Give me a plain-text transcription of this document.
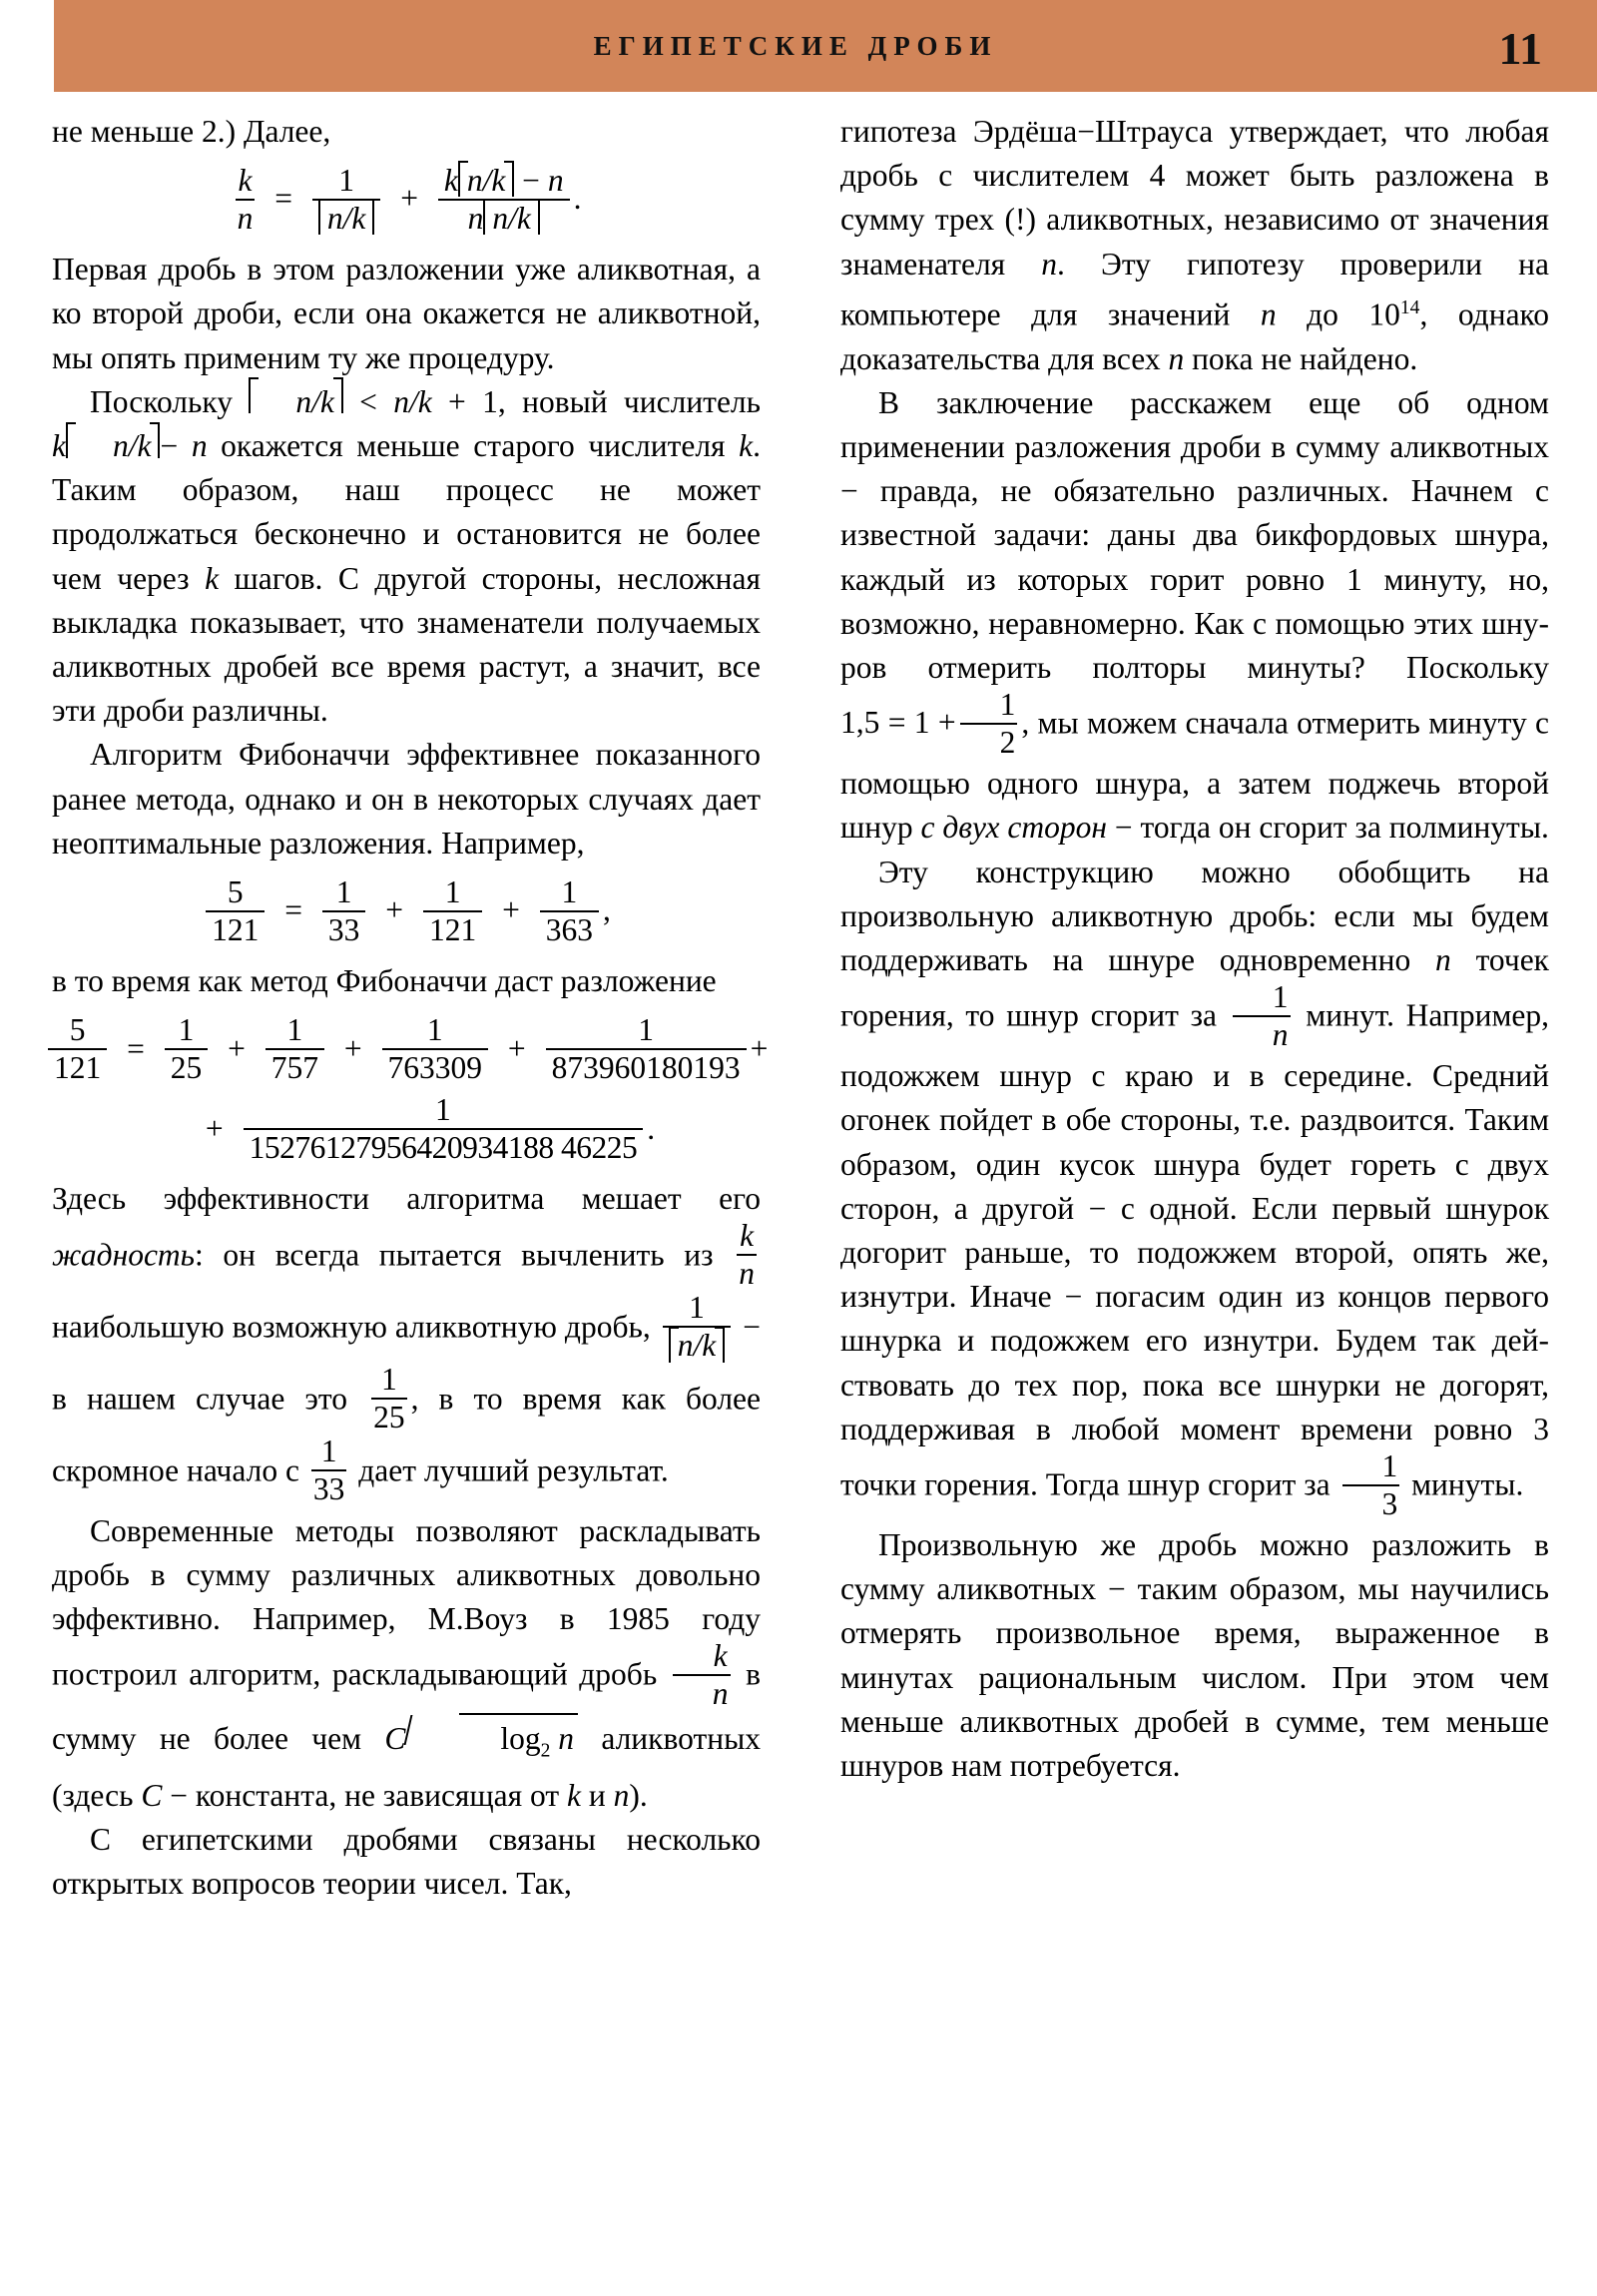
ЕГИПЕТСКИЕ ДРОБИ	11

не меньше 2.) Далее,

$\frac{k}{n} = \frac{1}{n/k} + \frac{\text{k n/k − n}}{\text{n n/k}}$ .

Первая дробь в этом разложении уже аликвотная, а ко второй дроби, если она окажется не аликвотной, мы опять применим ту же процедуру.

Поскольку n/k < n/k + 1, новый числитель k n/k − n окажется меньше старого числителя k. Таким образом, наш процесс не может продолжаться бесконечно и остановится не более чем через k шагов. С другой стороны, несложная выкладка показывает, что знаменатели получаемых аликвотных дробей все время растут, а значит, все эти дроби различны.

Алгоритм Фибоначчи эффективнее показанного ранее метода, однако и он в некоторых случаях дает неоптимальные разложения. Например,

$\frac{5}{121} = \frac{1}{33} + \frac{1}{121} + \frac{1}{363}$ ,

в то время как метод Фибоначчи даст разложение

$\frac{5}{121} = \frac{1}{25} + \frac{1}{757} + \frac{1}{763309} + \frac{1}{873960180193}$ +
+ $\frac{1}{15276127956420934188 46225}$ .

Здесь эффективности алгоритма мешает его жадность: он всегда пытается вычленить из $\frac{k}{n}$
наибольшую возможную аликвотную дробь, $\frac{1}{n/k} - в$ нашем случае это $\frac{1}{25}$ , в то время как более скромное начало с $\frac{1}{33}$ дает лучший результат.

Современные методы позволяют раскладывать дробь в сумму различных аликвотных довольно эффективно. Например, М.Воуз в 1985 году построил алгоритм, раскладывающий дробь $\frac{k}{n}$ в сумму не более чем C	$\log_2 n$ аликвотных (здесь C − константа, не зависящая от k и n).

С египетскими дробями связаны несколько открытых вопросов теории чисел. Так,

гипотеза Эрдёша−Штрауса утверждает, что любая дробь с числителем 4 может быть разложена в сумму трех (!) аликвотных, независимо от значения знаменателя n. Эту гипотезу проверили на компьютере для значений n до $10^{14}$, однако доказательства для всех n пока не найдено.

В заключение расскажем еще об одном применении разложения дроби в сумму аликвотных − правда, не обязательно различных. Начнем с известной задачи: даны два бикфордовых шнура, каждый из которых горит ровно 1 минуту, но, возможно, неравномерно. Как с помощью этих шнуров отмерить полторы минуты? Поскольку $1,5 = 1 + \frac{1}{2}$ , мы можем сначала отмерить минуту с помощью одного шнура, а затем поджечь второй шнур с двух сторон − тогда он сгорит за полминуты.

Эту конструкцию можно обобщить на произвольную аликвотную дробь: если мы будем поддерживать на шнуре одновременно n точек горения, то шнур сгорит за $\frac{1}{n}$ минут. Например, подожжем шнур с краю и в середине. Средний огонек пойдет в обе стороны, т.е. раздвоится. Таким образом, один кусок шнура будет гореть с двух сторон, а другой − с одной. Если первый шнурок догорит раньше, то подожжем второй, опять же, изнутри. Иначе − погасим один из концов первого шнурка и подожжем его изнутри. Будем так действовать до тех пор, пока все шнурки не догорят, поддерживая в любой момент времени ровно 3 точки горения. Тогда шнур сгорит за $\frac{1}{3}$ минуты.

Произвольную же дробь можно разложить в сумму аликвотных − таким образом, мы научились отмерять произвольное время, выраженное в минутах рациональным числом. При этом чем меньше аликвотных дробей в сумме, тем меньше шнуров нам потребуется.
